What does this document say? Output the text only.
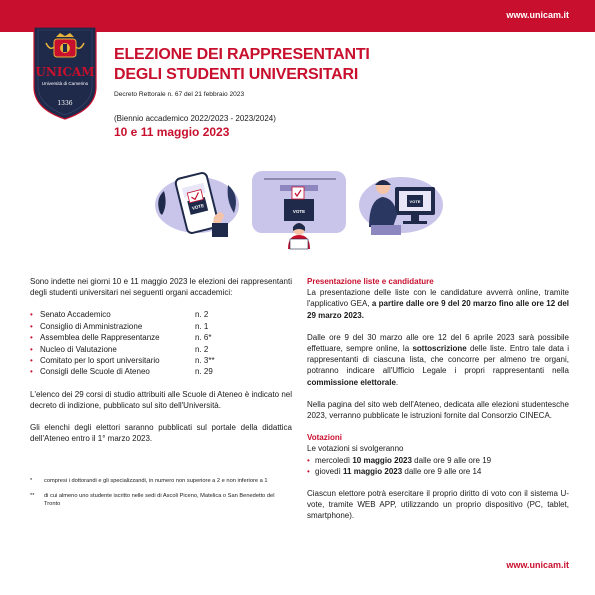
www.unicam.it
UNICAM
Università di Camerino
1336
ELEZIONE DEI RAPPRESENTANTI
DEGLI STUDENTI UNIVERSITARI
Decreto Rettorale n. 67 del 21 febbraio 2023
(Biennio accademico 2022/2023 - 2023/2024)
10 e 11 maggio 2023
VOTE
VOTE
VOTE

Sono indette nei giorni 10 e 11 maggio 2023 le elezioni dei rappresentanti degli studenti universitari nei seguenti organi accademici:

• Senato Accademico	n. 2
• Consiglio di Amministrazione	n. 1
• Assemblea delle Rappresentanze	n. 6*
• Nucleo di Valutazione	n. 2
• Comitato per lo sport universitario	n. 3**
• Consigli delle Scuole di Ateneo	n. 29

L'elenco dei 29 corsi di studio attribuiti alle Scuole di Ateneo è indicato nel decreto di indizione, pubblicato sul sito dell'Università.

Gli elenchi degli elettori saranno pubblicati sul portale della didattica dell'Ateneo entro il 1° marzo 2023.

*	compresi i dottorandi e gli specializzandi, in numero non superiore a 2 e non inferiore a 1
**	di cui almeno uno studente iscritto nelle sedi di Ascoli Piceno, Matelica o San Benedetto del Tronto
Presentazione liste e candidature

La presentazione delle liste con le candidature avverrà online, tramite l'applicativo GEA, a partire dalle ore 9 del 20 marzo fino alle ore 12 del 29 marzo 2023.

Dalle ore 9 del 30 marzo alle ore 12 del 6 aprile 2023 sarà possibile effettuare, sempre online, la sottoscrizione delle liste. Entro tale data i rappresentanti di ciascuna lista, che concorre per almeno tre organi, potranno indicare all'Ufficio Legale i propri rappresentanti nella commissione elettorale.

Nella pagina del sito web dell'Ateneo, dedicata alle elezioni studentesche 2023, verranno pubblicate le istruzioni fornite dal Consorzio CINECA.

Votazioni
Le votazioni si svolgeranno
• mercoledì 10 maggio 2023 dalle ore 9 alle ore 19
• giovedì 11 maggio 2023 dalle ore 9 alle ore 14

Ciascun elettore potrà esercitare il proprio diritto di voto con il sistema U-vote, tramite WEB APP, utilizzando un proprio dispositivo (PC, tablet, smartphone).

www.unicam.it
